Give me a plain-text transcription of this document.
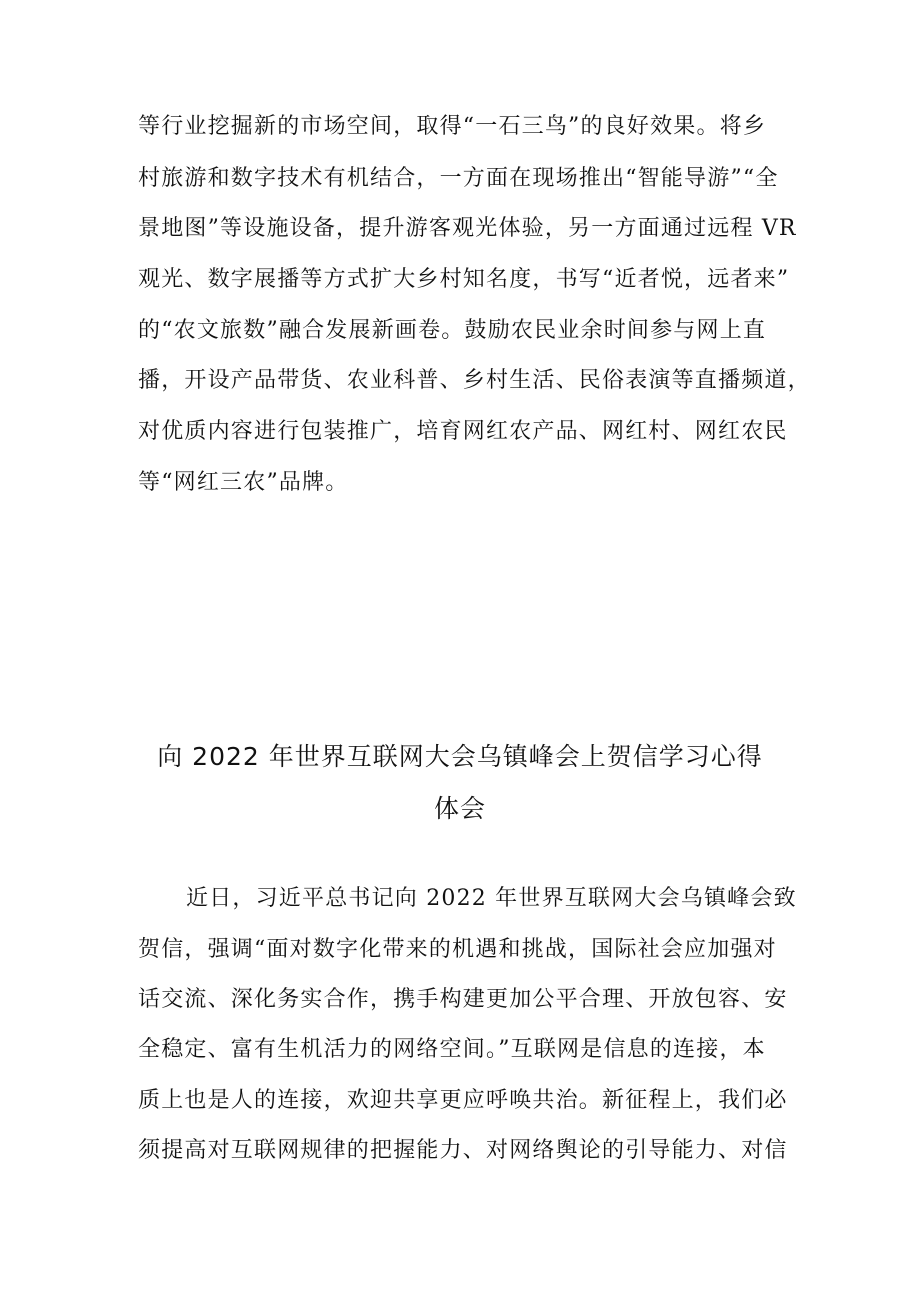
等行业挖掘新的市场空间，取得“一石三鸟”的良好效果。将乡
村旅游和数字技术有机结合，一方面在现场推出“智能导游”“全
景地图”等设施设备，提升游客观光体验，另一方面通过远程 VR
观光、数字展播等方式扩大乡村知名度，书写“近者悦，远者来”
的“农文旅数”融合发展新画卷。鼓励农民业余时间参与网上直
播，开设产品带货、农业科普、乡村生活、民俗表演等直播频道，
对优质内容进行包装推广，培育网红农产品、网红村、网红农民
等“网红三农”品牌。
向 2022 年世界互联网大会乌镇峰会上贺信学习心得
体会
近日，习近平总书记向 2022 年世界互联网大会乌镇峰会致
贺信，强调“面对数字化带来的机遇和挑战，国际社会应加强对
话交流、深化务实合作，携手构建更加公平合理、开放包容、安
全稳定、富有生机活力的网络空间。”互联网是信息的连接，本
质上也是人的连接，欢迎共享更应呼唤共治。新征程上，我们必
须提高对互联网规律的把握能力、对网络舆论的引导能力、对信
